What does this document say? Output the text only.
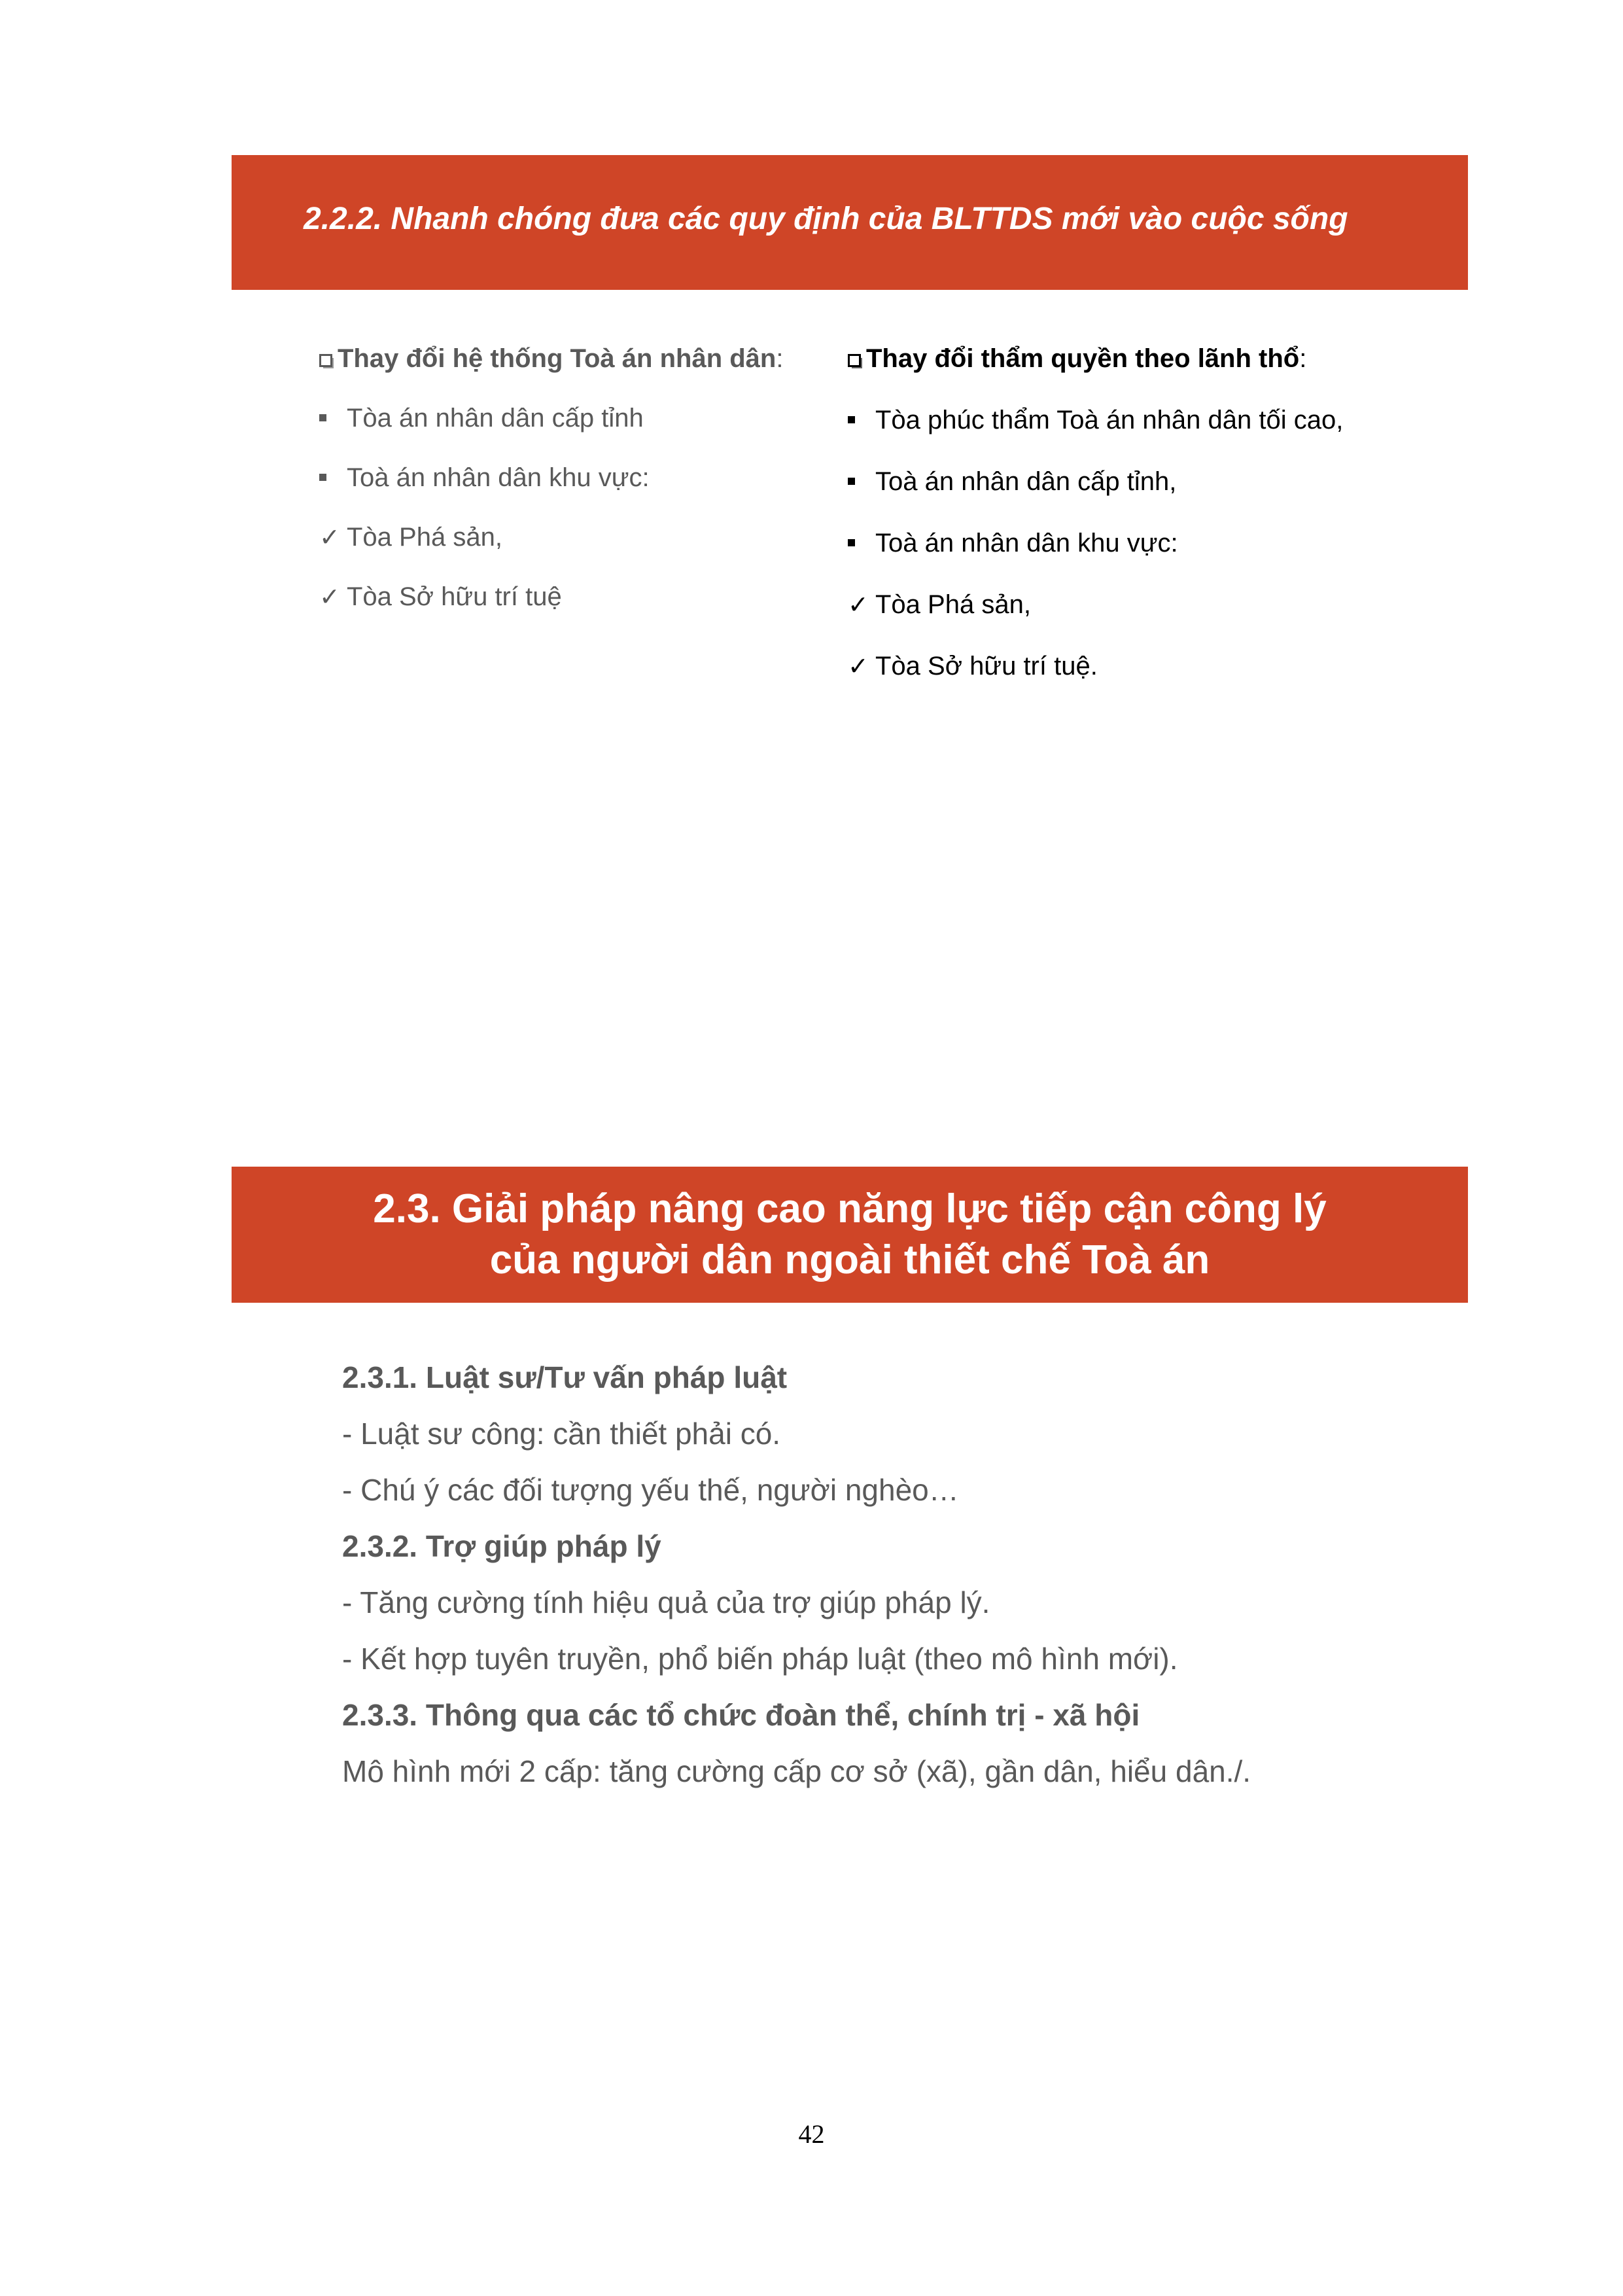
2.2.2. Nhanh chóng đưa các quy định của BLTTDS mới vào cuộc sống
Thay đổi hệ thống Toà án nhân dân :
Tòa án nhân dân cấp tỉnh
Toà án nhân dân khu vực:
✓ Tòa Phá sản,
✓ Tòa Sở hữu trí tuệ
Thay đổi thẩm quyền theo lãnh thổ :
Tòa phúc thẩm Toà án nhân dân tối cao,
Toà án nhân dân cấp tỉnh,
Toà án nhân dân khu vực:
✓ Tòa Phá sản,
✓ Tòa Sở hữu trí tuệ.
2.3. Giải pháp nâng cao năng lực tiếp cận công lý
của người dân ngoài thiết chế Toà án
2.3.1. Luật sư/Tư vấn pháp luật
- Luật sư công: cần thiết phải có.
- Chú ý các đối tượng yếu thế, người nghèo…
2.3.2. Trợ giúp pháp lý
- Tăng cường tính hiệu quả của trợ giúp pháp lý.
- Kết hợp tuyên truyền, phổ biến pháp luật (theo mô hình mới).
2.3.3. Thông qua các tổ chức đoàn thể, chính trị - xã hội
Mô hình mới 2 cấp: tăng cường cấp cơ sở (xã), gần dân, hiểu dân./.
42
